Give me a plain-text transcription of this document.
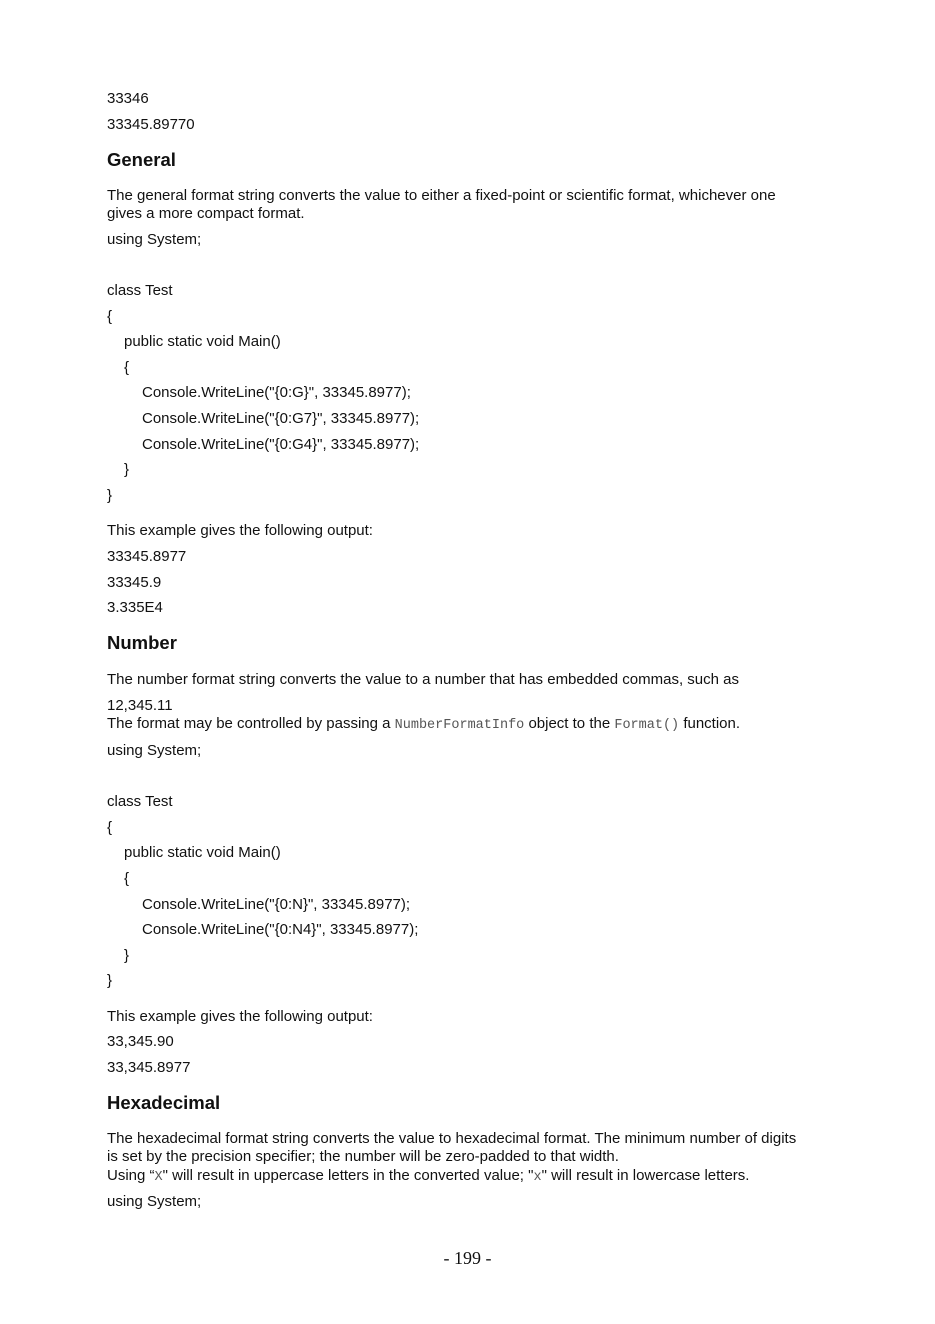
33346

33345.89770

General

The general format string converts the value to either a fixed-point or scientific format, whichever one

gives a more compact format.

using System;

class Test

{

public static void Main()

{

Console.WriteLine("{0:G}", 33345.8977);

Console.WriteLine("{0:G7}", 33345.8977);

Console.WriteLine("{0:G4}", 33345.8977);

}

}

This example gives the following output:

33345.8977

33345.9

3.335E4

Number

The number format string converts the value to a number that has embedded commas, such as

12,345.11

The format may be controlled by passing a NumberFormatInfo object to the Format() function.

using System;

class Test

{

public static void Main()

{

Console.WriteLine("{0:N}", 33345.8977);

Console.WriteLine("{0:N4}", 33345.8977);

}

}

This example gives the following output:

33,345.90

33,345.8977

Hexadecimal

The hexadecimal format string converts the value to hexadecimal format. The minimum number of digits

is set by the precision specifier; the number will be zero-padded to that width.

Using “X" will result in uppercase letters in the converted value; "x" will result in lowercase letters.

using System;

- 199 -
